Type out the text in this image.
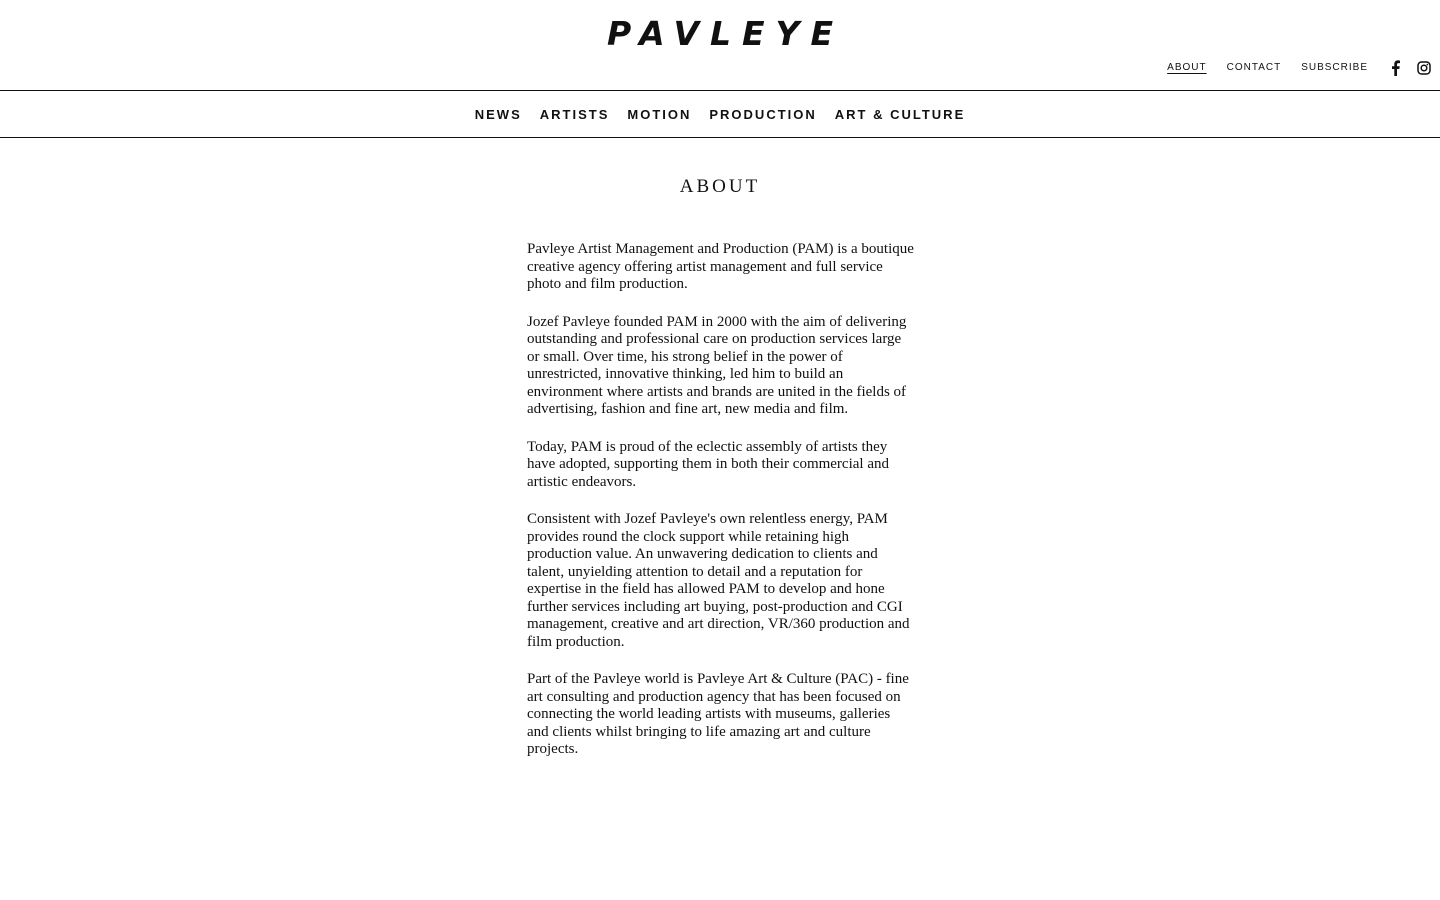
PAVLEYE
ABOUT CONTACT SUBSCRIBE
NEWS ARTISTS MOTION PRODUCTION ART & CULTURE
ABOUT

Pavleye Artist Management and Production (PAM) is a boutique creative agency offering artist management and full service photo and film production.

Jozef Pavleye founded PAM in 2000 with the aim of delivering outstanding and professional care on production services large or small. Over time, his strong belief in the power of unrestricted, innovative thinking, led him to build an environment where artists and brands are united in the fields of advertising, fashion and fine art, new media and film.

Today, PAM is proud of the eclectic assembly of artists they have adopted, supporting them in both their commercial and artistic endeavors.

Consistent with Jozef Pavleye's own relentless energy, PAM provides round the clock support while retaining high production value. An unwavering dedication to clients and talent, unyielding attention to detail and a reputation for expertise in the field has allowed PAM to develop and hone further services including art buying, post-production and CGI management, creative and art direction, VR/360 production and film production.

Part of the Pavleye world is Pavleye Art & Culture (PAC) - fine art consulting and production agency that has been focused on connecting the world leading artists with museums, galleries and clients whilst bringing to life amazing art and culture projects.
